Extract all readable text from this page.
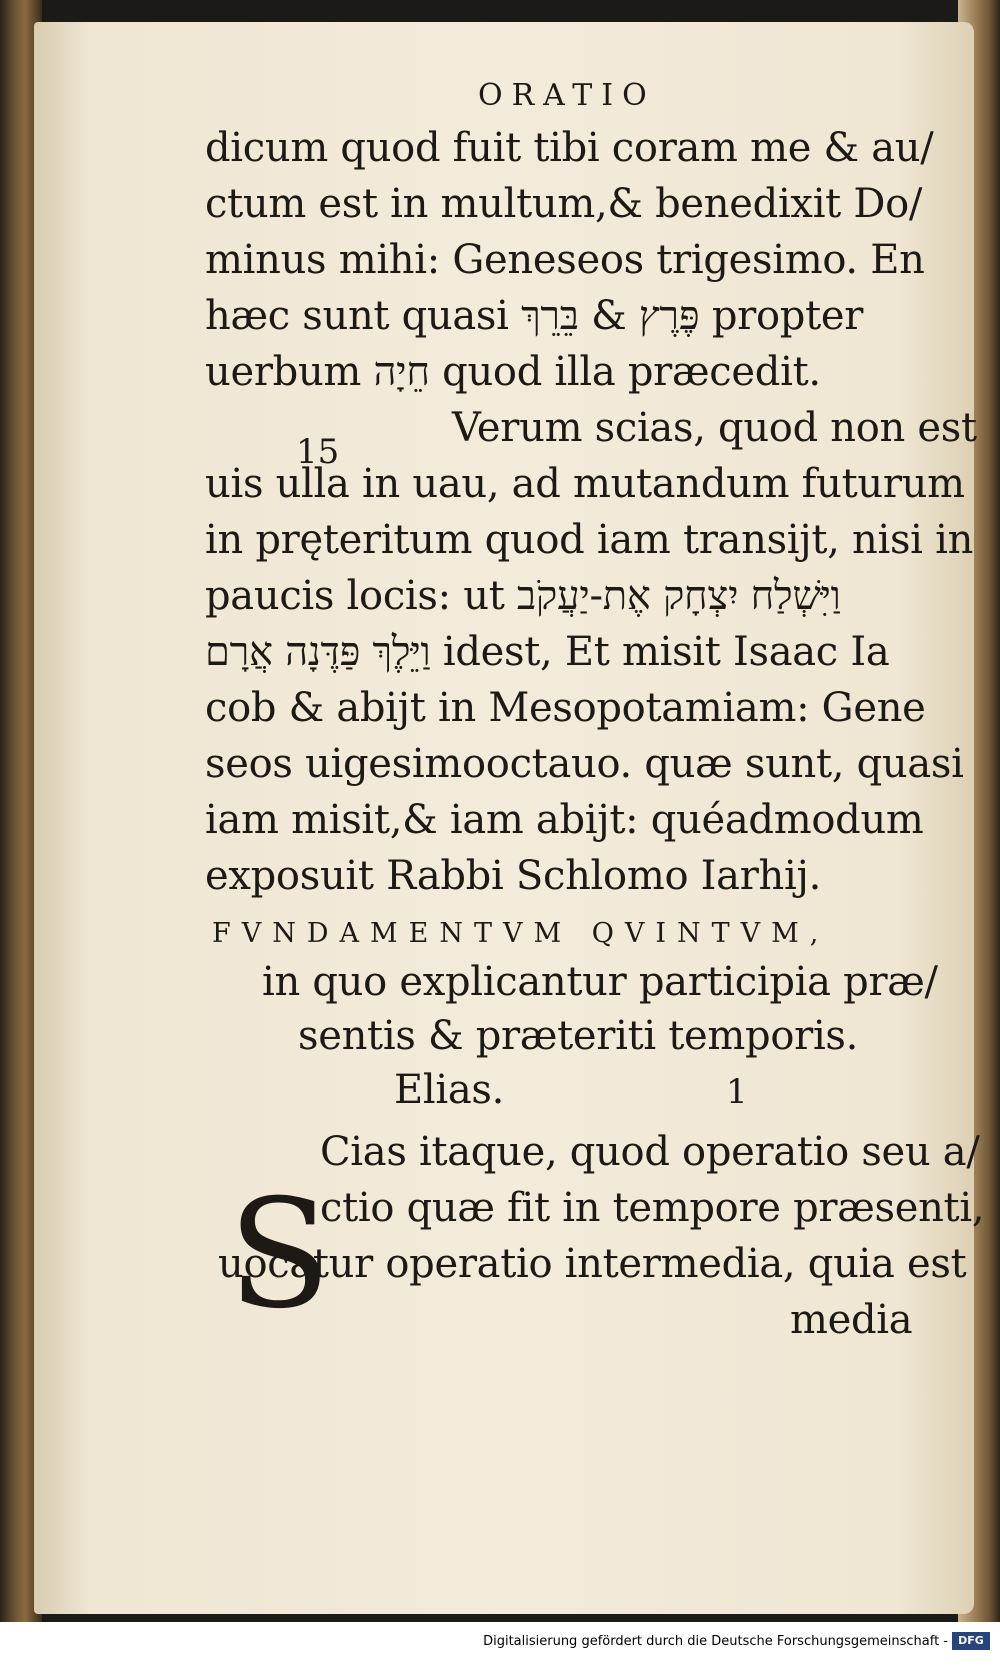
ORATIO
dicum quod fuit tibi coram me & au/
ctum est in multum,& benedixit Do/
minus mihi: Geneseos trigesimo. En
hæc sunt quasi פֶּרֶץ & בֵּרֵךְ propter
uerbum חֵיָה quod illa præcedit.
15
Verum scias, quod non est
uis ulla in uau, ad mutandum futurum
in pręteritum quod iam transijt, nisi in
paucis locis: ut וַיִּשְׁלַח יִצְחָק אֶת-יַעֲקֹב
וַיֵּלֶךְ פַּדֶּנָה אֲרָם idest, Et misit Isaac Ia
cob & abijt in Mesopotamiam: Gene
seos uigesimooctauo. quæ sunt, quasi
iam misit,& iam abijt: quéadmodum
exposuit Rabbi Schlomo Iarhij.
FVNDAMENTVM QVINTVM,
in quo explicantur participia præ/
sentis & præteriti temporis.
Elias.	1
S
Cias itaque, quod operatio seu a/
ctio quæ fit in tempore præsenti,
uocatur operatio intermedia, quia est
media
Digitalisierung gefördert durch die Deutsche Forschungsgemeinschaft - DFG
